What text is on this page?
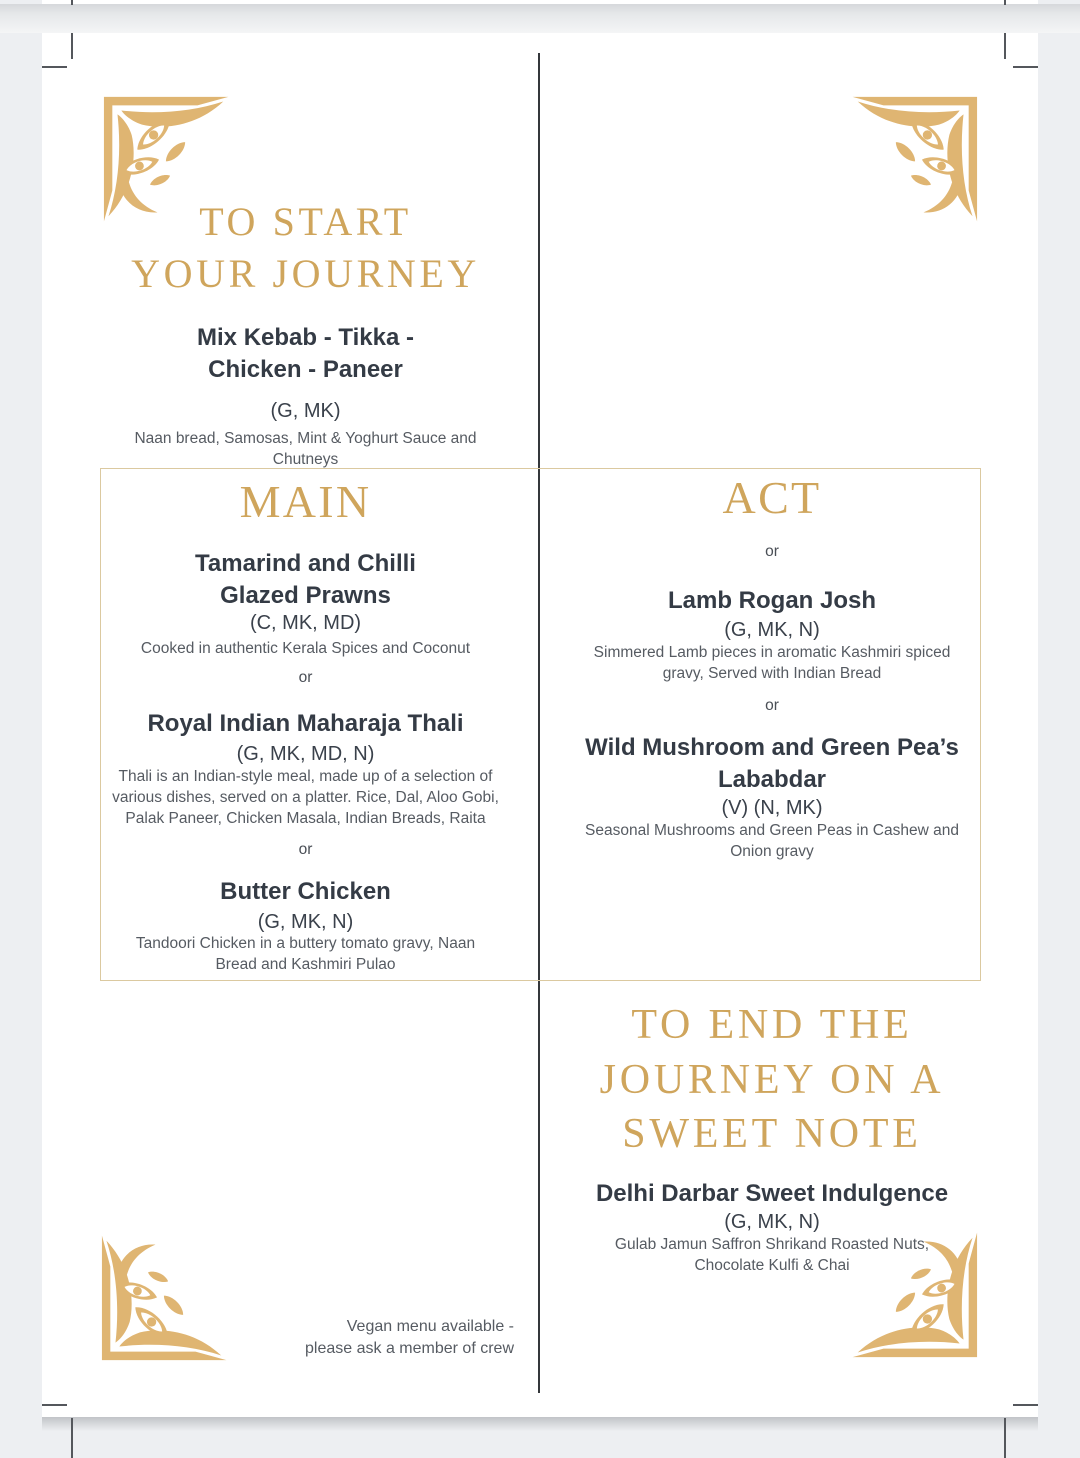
TO START
YOUR JOURNEY
Mix Kebab - Tikka -
Chicken - Paneer
(G, MK)
Naan bread, Samosas, Mint & Yoghurt Sauce and
Chutneys
MAIN
Tamarind and Chilli
Glazed Prawns
(C, MK, MD)
Cooked in authentic Kerala Spices and Coconut
or
Royal Indian Maharaja Thali
(G, MK, MD, N)
Thali is an Indian-style meal, made up of a selection of
various dishes, served on a platter. Rice, Dal, Aloo Gobi,
Palak Paneer, Chicken Masala, Indian Breads, Raita
or
Butter Chicken
(G, MK, N)
Tandoori Chicken in a buttery tomato gravy, Naan
Bread and Kashmiri Pulao
ACT
or
Lamb Rogan Josh
(G, MK, N)
Simmered Lamb pieces in aromatic Kashmiri spiced
gravy, Served with Indian Bread
or
Wild Mushroom and Green Pea’s
Lababdar
(V) (N, MK)
Seasonal Mushrooms and Green Peas in Cashew and
Onion gravy
TO END THE
JOURNEY ON A
SWEET NOTE
Delhi Darbar Sweet Indulgence
(G, MK, N)
Gulab Jamun Saffron Shrikand Roasted Nuts,
Chocolate Kulfi & Chai
Vegan menu available -
please ask a member of crew
